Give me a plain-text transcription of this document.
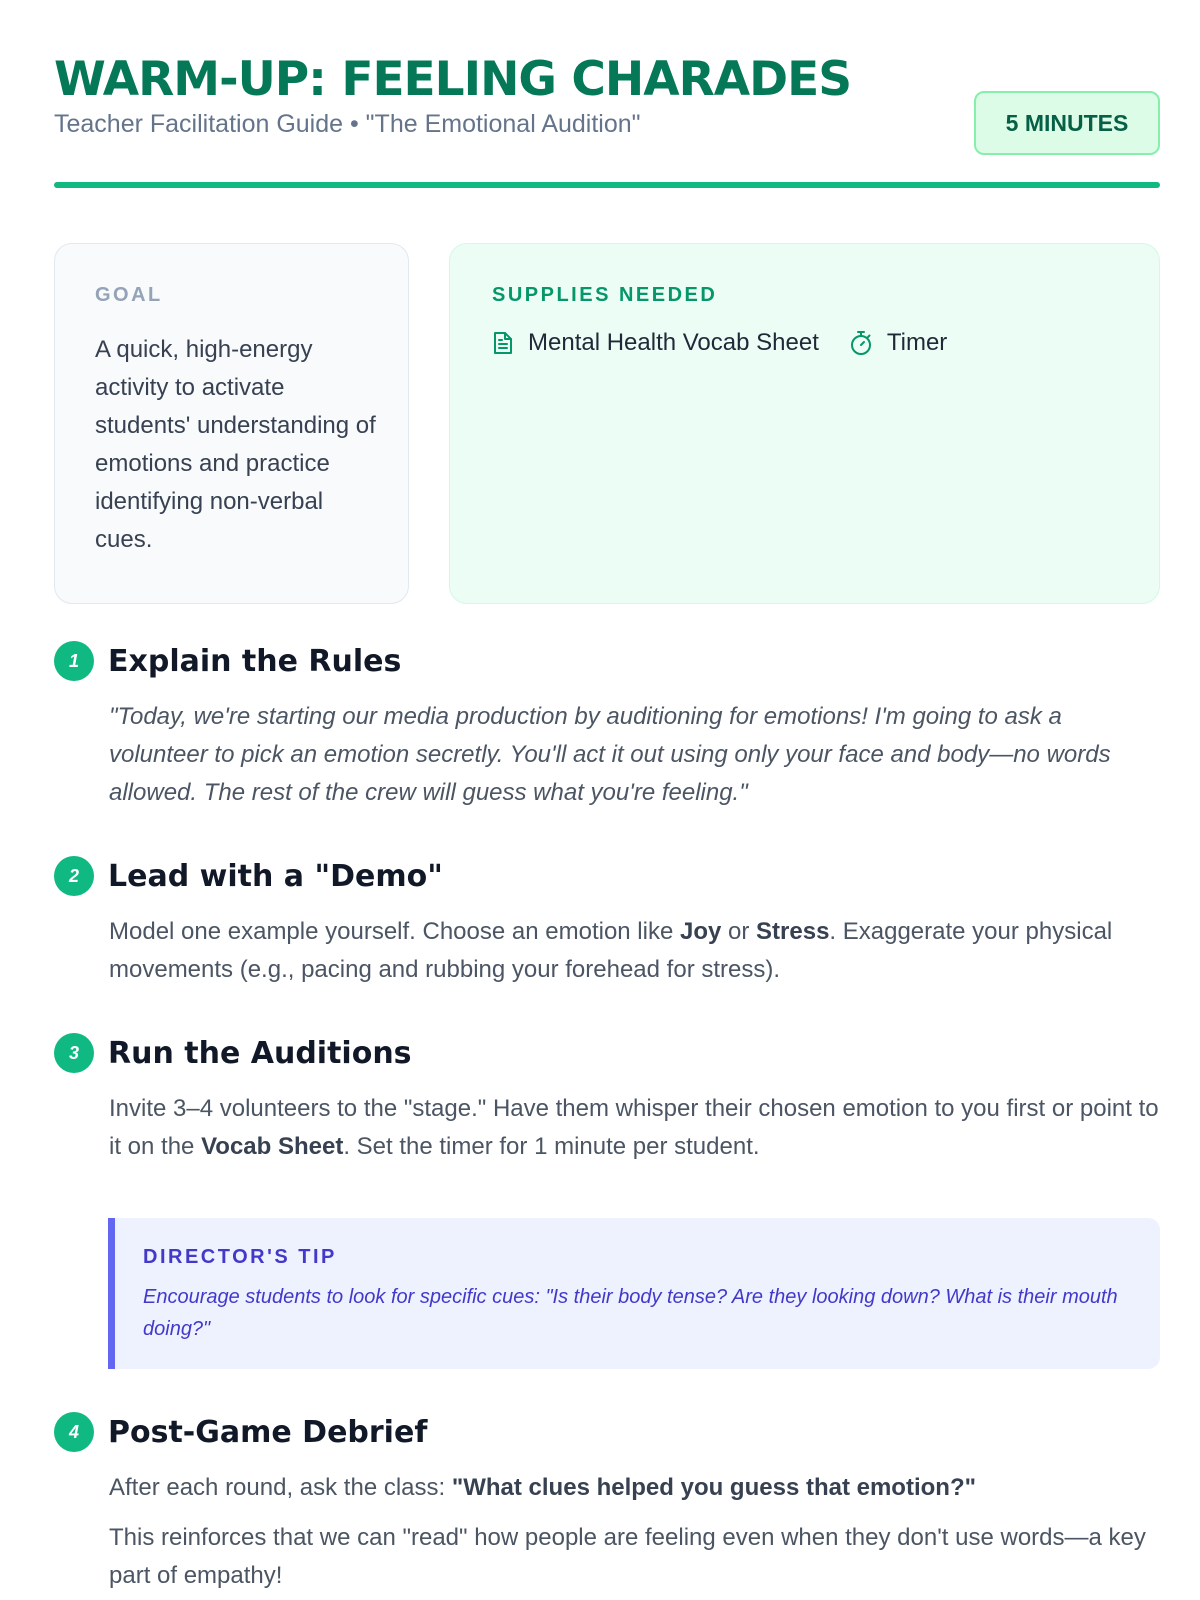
WARM-UP: FEELING CHARADES
Teacher Facilitation Guide • "The Emotional Audition"	5 MINUTES
GOAL
A quick, high-energy activity to activate students' understanding of emotions and practice identifying non-verbal cues.
SUPPLIES NEEDED
Mental Health Vocab Sheet	Timer
1 Explain the Rules
"Today, we're starting our media production by auditioning for emotions! I'm going to ask a volunteer to pick an emotion secretly. You'll act it out using only your face and body—no words allowed. The rest of the crew will guess what you're feeling."
2 Lead with a "Demo"
Model one example yourself. Choose an emotion like Joy or Stress. Exaggerate your physical movements (e.g., pacing and rubbing your forehead for stress).
3 Run the Auditions
Invite 3–4 volunteers to the "stage." Have them whisper their chosen emotion to you first or point to it on the Vocab Sheet. Set the timer for 1 minute per student.
DIRECTOR'S TIP
Encourage students to look for specific cues: "Is their body tense? Are they looking down? What is their mouth doing?"
4 Post-Game Debrief

After each round, ask the class: "What clues helped you guess that emotion?"

This reinforces that we can "read" how people are feeling even when they don't use words—a key part of empathy!
